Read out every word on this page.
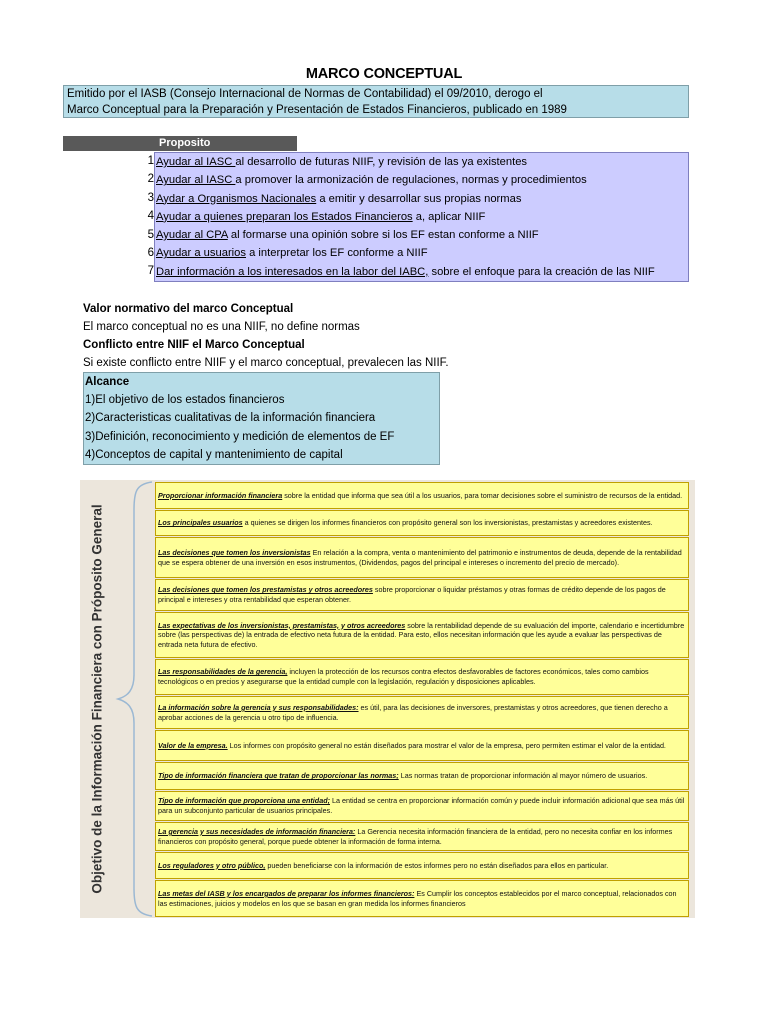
MARCO CONCEPTUAL
Emitido por el IASB (Consejo Internacional de Normas de Contabilidad) el 09/2010, derogo el
Marco Conceptual para la Preparación y Presentación de Estados Financieros, publicado en 1989
Proposito
1
2
3
4
5
6
7
Ayudar al IASC al desarrollo de futuras NIIF, y revisión de las ya existentes
Ayudar al IASC a promover la armonización de regulaciones, normas y procedimientos
Aydar a Organismos Nacionales a emitir y desarrollar sus propias normas
Ayudar a quienes preparan los Estados Financieros a, aplicar NIIF
Ayudar al CPA al formarse una opinión sobre si los EF estan conforme a NIIF
Ayudar a usuarios a interpretar los EF conforme a NIIF
Dar información a los interesados en la labor del IABC, sobre el enfoque para la creación de las NIIF
Valor normativo del marco Conceptual
El marco conceptual no es una NIIF, no define normas
Conflicto entre NIIF el Marco Conceptual
Si existe conflicto entre NIIF y el marco conceptual, prevalecen las NIIF.
Alcance
1)El objetivo de los estados financieros
2)Caracteristicas cualitativas de la información financiera
3)Definición, reconocimiento y medición de elementos de EF
4)Conceptos de capital y mantenimiento de capital
Objetivo de la Información Financiera con Próposito General
Proporcionar información financiera sobre la entidad que informa que sea útil a los usuarios, para tomar decisiones sobre el suministro de recursos de la entidad.
Los principales usuarios a quienes se dirigen los informes financieros con propósito general son los inversionistas, prestamistas y acreedores existentes.
Las decisiones que tomen los inversionistas En relación a la compra, venta o mantenimiento del patrimonio e instrumentos de deuda, depende de la rentabilidad que se espera obtener de una inversión en esos instrumentos, (Dividendos, pagos del principal e intereses o incremento del precio de mercado).
Las decisiones que tomen los prestamistas y otros acreedores sobre proporcionar o liquidar préstamos y otras formas de crédito depende de los pagos de principal e intereses y otra rentabilidad que esperan obtener.
Las expectativas de los inversionistas, prestamistas, y otros acreedores sobre la rentabilidad depende de su evaluación del importe, calendario e incertidumbre sobre (las perspectivas de) la entrada de efectivo neta futura de la entidad. Para esto, ellos necesitan información que les ayude a evaluar las perspectivas de entrada neta futura de efectivo.
Las responsabilidades de la gerencia, incluyen la protección de los recursos contra efectos desfavorables de factores económicos, tales como cambios tecnológicos o en precios y asegurarse que la entidad cumple con la legislación, regulación y disposiciones aplicables.
La información sobre la gerencia y sus responsabilidades: es útil, para las decisiones de inversores, prestamistas y otros acreedores, que tienen derecho a aprobar acciones de la gerencia u otro tipo de influencia.
Valor de la empresa. Los informes con propósito general no están diseñados para mostrar el valor de la empresa, pero permiten estimar el valor de la entidad.
Tipo de información financiera que tratan de proporcionar las normas; Las normas tratan de proporcionar información al mayor número de usuarios.
Tipo de información que proporciona una entidad; La entidad se centra en proporcionar información común y puede incluir información adicional que sea más útil para un subconjunto particular de usuarios principales.
La gerencia y sus necesidades de información financiera: La Gerencia necesita información financiera de la entidad, pero no necesita confiar en los informes financieros con propósito general, porque puede obtener la información de forma interna.
Los reguladores y otro público, pueden beneficiarse con la información de estos informes pero no están diseñados para ellos en particular.
Las metas del IASB y los encargados de preparar los informes financieros: Es Cumplir los conceptos establecidos por el marco conceptual, relacionados con las estimaciones, juicios y modelos en los que se basan en gran medida los informes financieros
